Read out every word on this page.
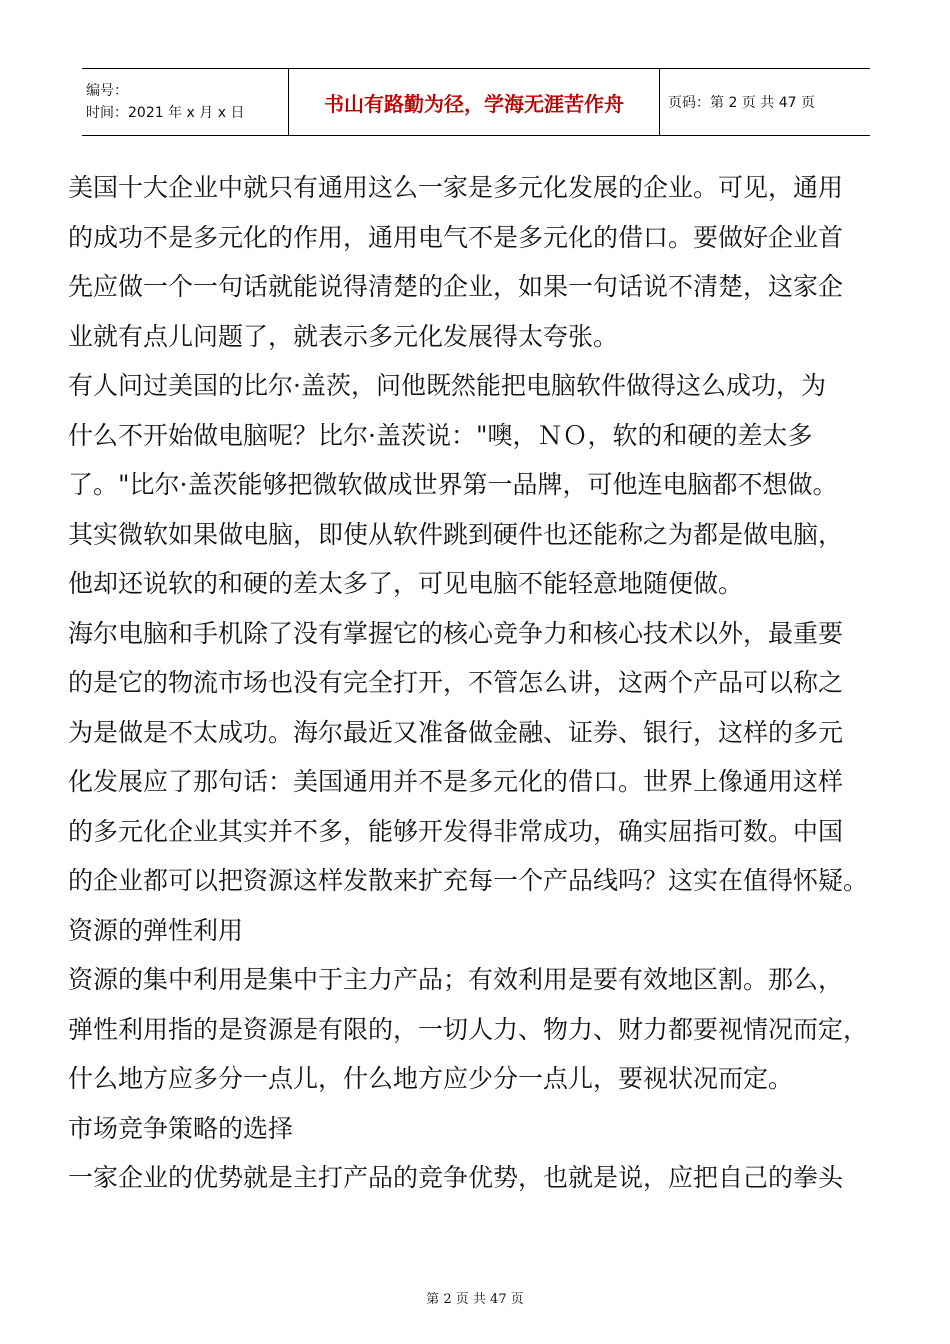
编号：
时间：2021 年 x 月 x 日	书山有路勤为径，学海无涯苦作舟	页码：第 2 页 共 47 页

美国十大企业中就只有通用这么一家是多元化发展的企业。可见，通用

的成功不是多元化的作用，通用电气不是多元化的借口。要做好企业首

先应做一个一句话就能说得清楚的企业，如果一句话说不清楚，这家企

业就有点儿问题了，就表示多元化发展得太夸张。

有人问过美国的比尔·盖茨，问他既然能把电脑软件做得这么成功，为

什么不开始做电脑呢？比尔·盖茨说："噢，ＮＯ，软的和硬的差太多

了。"比尔·盖茨能够把微软做成世界第一品牌，可他连电脑都不想做。

其实微软如果做电脑，即使从软件跳到硬件也还能称之为都是做电脑，

他却还说软的和硬的差太多了，可见电脑不能轻意地随便做。

海尔电脑和手机除了没有掌握它的核心竞争力和核心技术以外，最重要

的是它的物流市场也没有完全打开，不管怎么讲，这两个产品可以称之

为是做是不太成功。海尔最近又准备做金融、证券、银行，这样的多元

化发展应了那句话：美国通用并不是多元化的借口。世界上像通用这样

的多元化企业其实并不多，能够开发得非常成功，确实屈指可数。中国

的企业都可以把资源这样发散来扩充每一个产品线吗？这实在值得怀疑。

资源的弹性利用

资源的集中利用是集中于主力产品；有效利用是要有效地区割。那么，

弹性利用指的是资源是有限的，一切人力、物力、财力都要视情况而定，

什么地方应多分一点儿，什么地方应少分一点儿，要视状况而定。

市场竞争策略的选择

一家企业的优势就是主打产品的竞争优势，也就是说，应把自己的拳头

第 2 页 共 47 页
